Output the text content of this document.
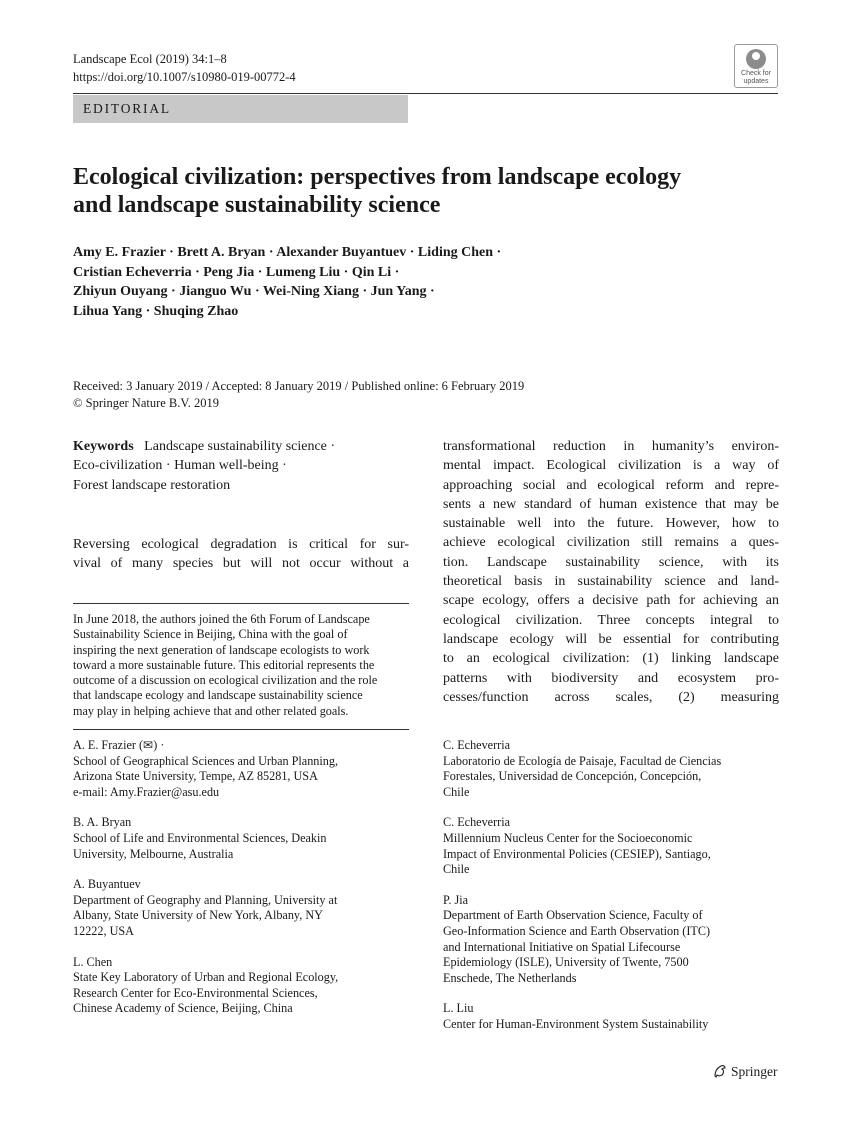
Landscape Ecol (2019) 34:1–8
https://doi.org/10.1007/s10980-019-00772-4	Check for
updates
EDITORIAL
Ecological civilization: perspectives from landscape ecology
and landscape sustainability science
Amy E. Frazier · Brett A. Bryan · Alexander Buyantuev · Liding Chen ·
Cristian Echeverria · Peng Jia · Lumeng Liu · Qin Li ·
Zhiyun Ouyang · Jianguo Wu · Wei-Ning Xiang · Jun Yang ·
Lihua Yang · Shuqing Zhao
Received: 3 January 2019 / Accepted: 8 January 2019 / Published online: 6 February 2019
© Springer Nature B.V. 2019
Keywords Landscape sustainability science ·
Eco-civilization · Human well-being ·
Forest landscape restoration
Reversing ecological degradation is critical for sur-
vival of many species but will not occur without a
transformational reduction in humanity’s environ-
mental impact. Ecological civilization is a way of
approaching social and ecological reform and repre-
sents a new standard of human existence that may be
sustainable well into the future. However, how to
achieve ecological civilization still remains a ques-
tion. Landscape sustainability science, with its
theoretical basis in sustainability science and land-
scape ecology, offers a decisive path for achieving an
ecological civilization. Three concepts integral to
landscape ecology will be essential for contributing
to an ecological civilization: (1) linking landscape
patterns with biodiversity and ecosystem pro-
cesses/function across scales, (2) measuring
In June 2018, the authors joined the 6th Forum of Landscape
Sustainability Science in Beijing, China with the goal of
inspiring the next generation of landscape ecologists to work
toward a more sustainable future. This editorial represents the
outcome of a discussion on ecological civilization and the role
that landscape ecology and landscape sustainability science
may play in helping achieve that and other related goals.
A. E. Frazier (✉) ·
School of Geographical Sciences and Urban Planning,
Arizona State University, Tempe, AZ 85281, USA
e-mail: Amy.Frazier@asu.edu
B. A. Bryan
School of Life and Environmental Sciences, Deakin
University, Melbourne, Australia
A. Buyantuev
Department of Geography and Planning, University at
Albany, State University of New York, Albany, NY
12222, USA
L. Chen
State Key Laboratory of Urban and Regional Ecology,
Research Center for Eco-Environmental Sciences,
Chinese Academy of Science, Beijing, China
C. Echeverria
Laboratorio de Ecología de Paisaje, Facultad de Ciencias
Forestales, Universidad de Concepción, Concepción,
Chile
C. Echeverria
Millennium Nucleus Center for the Socioeconomic
Impact of Environmental Policies (CESIEP), Santiago,
Chile
P. Jia
Department of Earth Observation Science, Faculty of
Geo-Information Science and Earth Observation (ITC)
and International Initiative on Spatial Lifecourse
Epidemiology (ISLE), University of Twente, 7500
Enschede, The Netherlands
L. Liu
Center for Human-Environment System Sustainability
Springer
